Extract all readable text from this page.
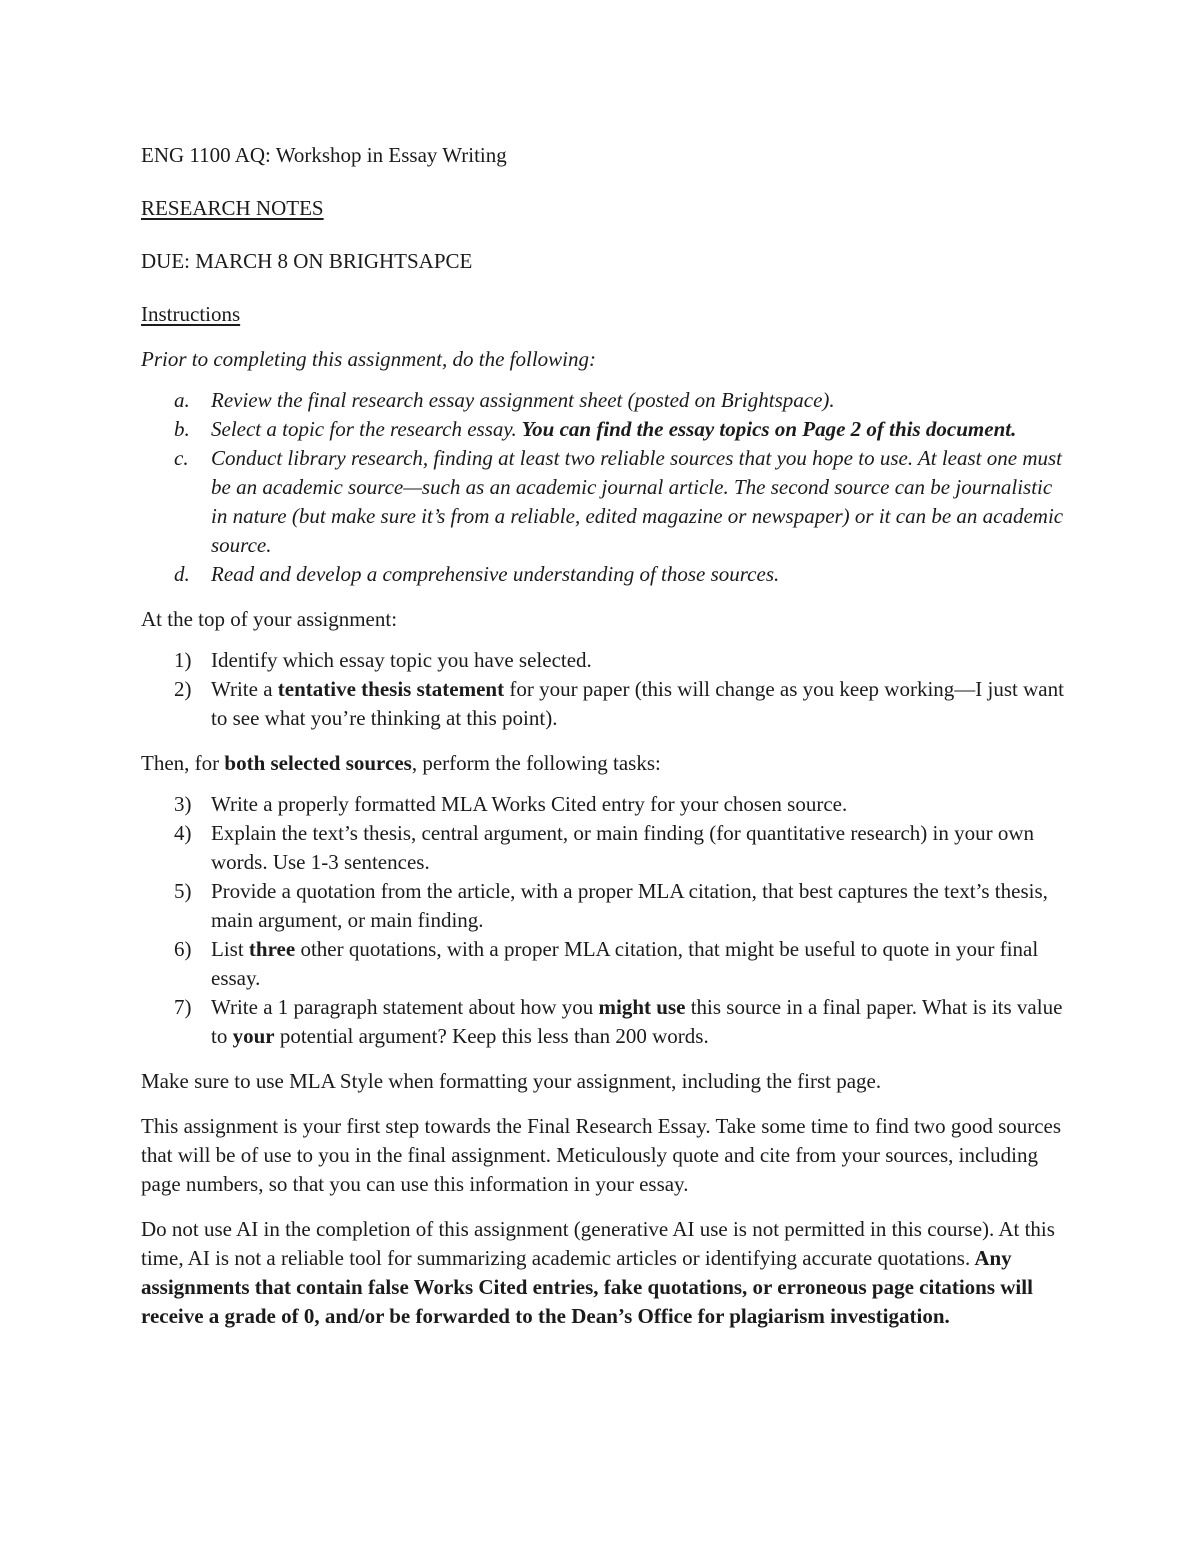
ENG 1100 AQ: Workshop in Essay Writing

RESEARCH NOTES

DUE: MARCH 8 ON BRIGHTSAPCE

Instructions

Prior to completing this assignment, do the following:

a. Review the final research essay assignment sheet (posted on Brightspace).
b. Select a topic for the research essay. You can find the essay topics on Page 2 of this document.
c. Conduct library research, finding at least two reliable sources that you hope to use. At least one must be an academic source—such as an academic journal article. The second source can be journalistic in nature (but make sure it’s from a reliable, edited magazine or newspaper) or it can be an academic source.
d. Read and develop a comprehensive understanding of those sources.

At the top of your assignment:

1) Identify which essay topic you have selected.
2) Write a tentative thesis statement for your paper (this will change as you keep working—I just want to see what you’re thinking at this point).

Then, for both selected sources, perform the following tasks:

3) Write a properly formatted MLA Works Cited entry for your chosen source.
4) Explain the text’s thesis, central argument, or main finding (for quantitative research) in your own words. Use 1-3 sentences.
5) Provide a quotation from the article, with a proper MLA citation, that best captures the text’s thesis, main argument, or main finding.
6) List three other quotations, with a proper MLA citation, that might be useful to quote in your final essay.
7) Write a 1 paragraph statement about how you might use this source in a final paper. What is its value to your potential argument? Keep this less than 200 words.

Make sure to use MLA Style when formatting your assignment, including the first page.

This assignment is your first step towards the Final Research Essay. Take some time to find two good sources that will be of use to you in the final assignment. Meticulously quote and cite from your sources, including page numbers, so that you can use this information in your essay.

Do not use AI in the completion of this assignment (generative AI use is not permitted in this course). At this time, AI is not a reliable tool for summarizing academic articles or identifying accurate quotations. Any assignments that contain false Works Cited entries, fake quotations, or erroneous page citations will receive a grade of 0, and/or be forwarded to the Dean’s Office for plagiarism investigation.
